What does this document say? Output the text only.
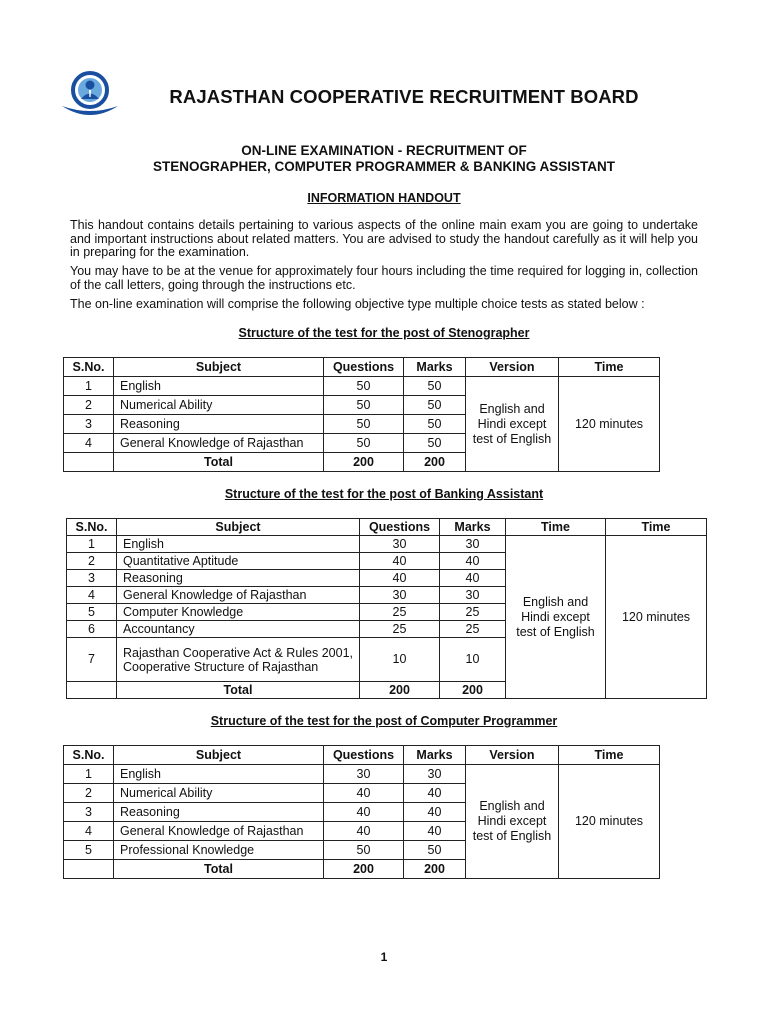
RAJASTHAN COOPERATIVE RECRUITMENT BOARD
ON-LINE EXAMINATION - RECRUITMENT OF
STENOGRAPHER, COMPUTER PROGRAMMER & BANKING ASSISTANT
INFORMATION HANDOUT

This handout contains details pertaining to various aspects of the online main exam you are going to undertake and important instructions about related matters. You are advised to study the handout carefully as it will help you in preparing for the examination.

You may have to be at the venue for approximately four hours including the time required for logging in, collection of the call letters, going through the instructions etc.

The on-line examination will comprise the following objective type multiple choice tests as stated below :

Structure of the test for the post of Stenographer
S.No.	Subject	Questions	Marks	Version	Time
1	English	50	50	English and Hindi except test of English	120 minutes
2	Numerical Ability	50	50		
3	Reasoning	50	50		
4	General Knowledge of Rajasthan	50	50		
	Total	200	200		
Structure of the test for the post of Banking Assistant
S.No.	Subject	Questions	Marks	Time	Time
1	English	30	30	English and Hindi except test of English	120 minutes
2	Quantitative Aptitude	40	40		
3	Reasoning	40	40		
4	General Knowledge of Rajasthan	30	30		
5	Computer Knowledge	25	25		
6	Accountancy	25	25		
7	Rajasthan Cooperative Act & Rules 2001, Cooperative Structure of Rajasthan	10	10		
	Total	200	200		
Structure of the test for the post of Computer Programmer
S.No.	Subject	Questions	Marks	Version	Time
1	English	30	30	English and Hindi except test of English	120 minutes
2	Numerical Ability	40	40		
3	Reasoning	40	40		
4	General Knowledge of Rajasthan	40	40		
5	Professional Knowledge	50	50		
	Total	200	200		
1
